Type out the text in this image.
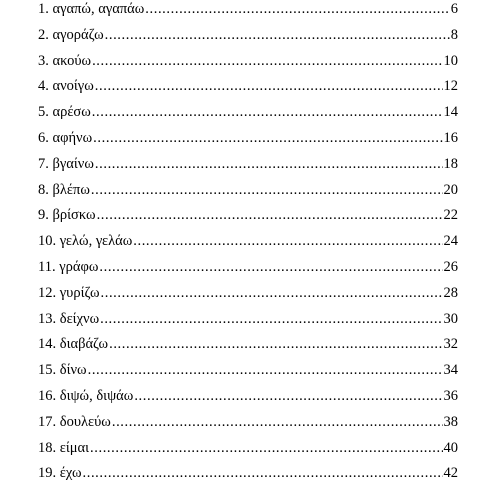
1. αγαπώ, αγαπάω .....	6
2. αγοράζω .....	8
3. ακούω .....	10
4. ανοίγω .....	12
5. αρέσω .....	14
6. αφήνω .....	16
7. βγαίνω .....	18
8. βλέπω .....	20
9. βρίσκω .....	22
10. γελώ, γελάω .....	24
11. γράφω .....	26
12. γυρίζω .....	28
13. δείχνω .....	30
14. διαβάζω .....	32
15. δίνω .....	34
16. διψώ, διψάω .....	36
17. δουλεύω .....	38
18. είμαι .....	40
19. έχω .....	42
